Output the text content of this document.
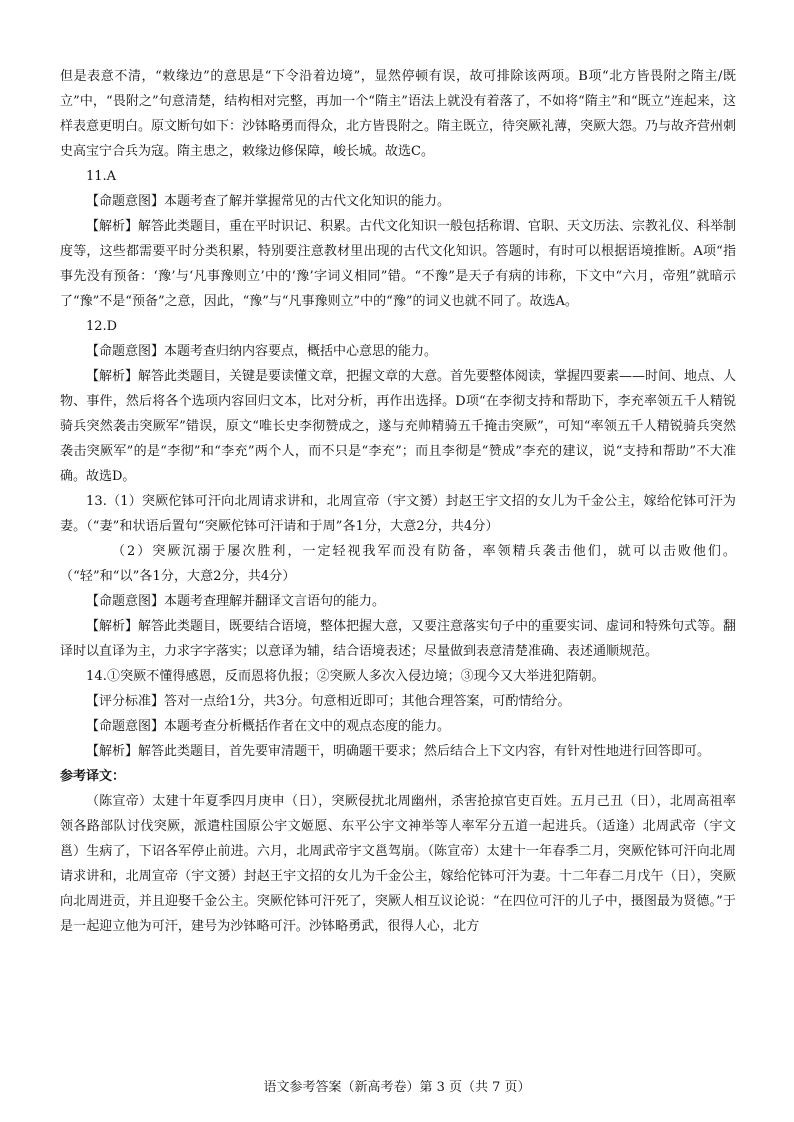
但是表意不清，“敕缘边”的意思是“下令沿着边境”，显然停顿有误，故可排除该两项。B项“北方皆畏附之隋主/既立”中，“畏附之”句意清楚，结构相对完整，再加一个“隋主”语法上就没有着落了，不如将“隋主”和“既立”连起来，这样表意更明白。原文断句如下：沙钵略勇而得众，北方皆畏附之。隋主既立，待突厥礼薄，突厥大怨。乃与故齐营州刺史高宝宁合兵为寇。隋主患之，敕缘边修保障，峻长城。故选C。

11.A

【命题意图】本题考查了解并掌握常见的古代文化知识的能力。

【解析】解答此类题目，重在平时识记、积累。古代文化知识一般包括称谓、官职、天文历法、宗教礼仪、科举制度等，这些都需要平时分类积累，特别要注意教材里出现的古代文化知识。答题时，有时可以根据语境推断。A项“指事先没有预备：‘豫’与‘凡事豫则立’中的‘豫’字词义相同”错。“不豫”是天子有病的讳称，下文中“六月，帝殂”就暗示了“豫”不是“预备”之意，因此，“豫”与“凡事豫则立”中的“豫”的词义也就不同了。故选A。

12.D

【命题意图】本题考查归纳内容要点，概括中心意思的能力。

【解析】解答此类题目，关键是要读懂文章，把握文章的大意。首先要整体阅读，掌握四要素——时间、地点、人物、事件，然后将各个选项内容回归文本，比对分析，再作出选择。D项“在李彻支持和帮助下，李充率领五千人精锐骑兵突然袭击突厥军”错误，原文“唯长史李彻赞成之，遂与充帅精骑五千掩击突厥”，可知“率领五千人精锐骑兵突然袭击突厥军”的是“李彻”和“李充”两个人，而不只是“李充”；而且李彻是“赞成”李充的建议，说“支持和帮助”不大准确。故选D。

13.（1）突厥佗钵可汗向北周请求讲和，北周宣帝（宇文赟）封赵王宇文招的女儿为千金公主，嫁给佗钵可汗为妻。（“妻”和状语后置句“突厥佗钵可汗请和于周”各1分，大意2分，共4分）

（2）突厥沉溺于屡次胜利，一定轻视我军而没有防备，率领精兵袭击他们，就可以击败他们。（“轻”和“以”各1分，大意2分，共4分）

【命题意图】本题考查理解并翻译文言语句的能力。

【解析】解答此类题目，既要结合语境，整体把握大意，又要注意落实句子中的重要实词、虚词和特殊句式等。翻译时以直译为主，力求字字落实；以意译为辅，结合语境表述；尽量做到表意清楚准确、表述通顺规范。

14.①突厥不懂得感恩，反而恩将仇报；②突厥人多次入侵边境；③现今又大举进犯隋朝。

【评分标准】答对一点给1分，共3分。句意相近即可；其他合理答案，可酌情给分。

【命题意图】本题考查分析概括作者在文中的观点态度的能力。

【解析】解答此类题目，首先要审清题干，明确题干要求；然后结合上下文内容，有针对性地进行回答即可。

参考译文：

（陈宣帝）太建十年夏季四月庚申（日），突厥侵扰北周幽州，杀害抢掠官吏百姓。五月己丑（日），北周高祖率领各路部队讨伐突厥，派遣柱国原公宇文姬愿、东平公宇文神举等人率军分五道一起进兵。（适逢）北周武帝（宇文邕）生病了，下诏各军停止前进。六月，北周武帝宇文邕驾崩。（陈宣帝）太建十一年春季二月，突厥佗钵可汗向北周请求讲和，北周宣帝（宇文赟）封赵王宇文招的女儿为千金公主，嫁给佗钵可汗为妻。十二年春二月戊午（日），突厥向北周进贡，并且迎娶千金公主。突厥佗钵可汗死了，突厥人相互议论说：“在四位可汗的儿子中，摄图最为贤德。”于是一起迎立他为可汗，建号为沙钵略可汗。沙钵略勇武，很得人心，北方

语文参考答案（新高考卷）第 3 页（共 7 页）
